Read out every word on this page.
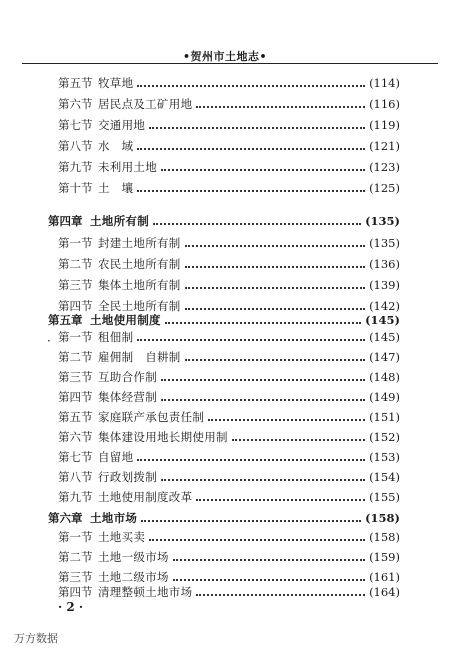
•贺州市土地志•
第五节 牧草地	(114)
第六节 居民点及工矿用地	(116)
第七节 交通用地	(119)
第八节 水　域	(121)
第九节 未利用土地	(123)
第十节 土　壤	(125)
第四章 土地所有制	(135)
第一节 封建土地所有制	(135)
第二节 农民土地所有制	(136)
第三节 集体土地所有制	(139)
第四节 全民土地所有制	(142)
第五章 土地使用制度	(145)
· 第一节 租佃制	(145)
第二节 雇佣制　自耕制	(147)
第三节 互助合作制	(148)
第四节 集体经营制	(149)
第五节 家庭联产承包责任制	(151)
第六节 集体建设用地长期使用制	(152)
第七节 自留地	(153)
第八节 行政划拨制	(154)
第九节 土地使用制度改革	(155)
第六章 土地市场	(158)
第一节 土地买卖	(158)
第二节 土地一级市场	(159)
第三节 土地二级市场	(161)
第四节 清理整顿土地市场	(164)
· 2 ·
万方数据
